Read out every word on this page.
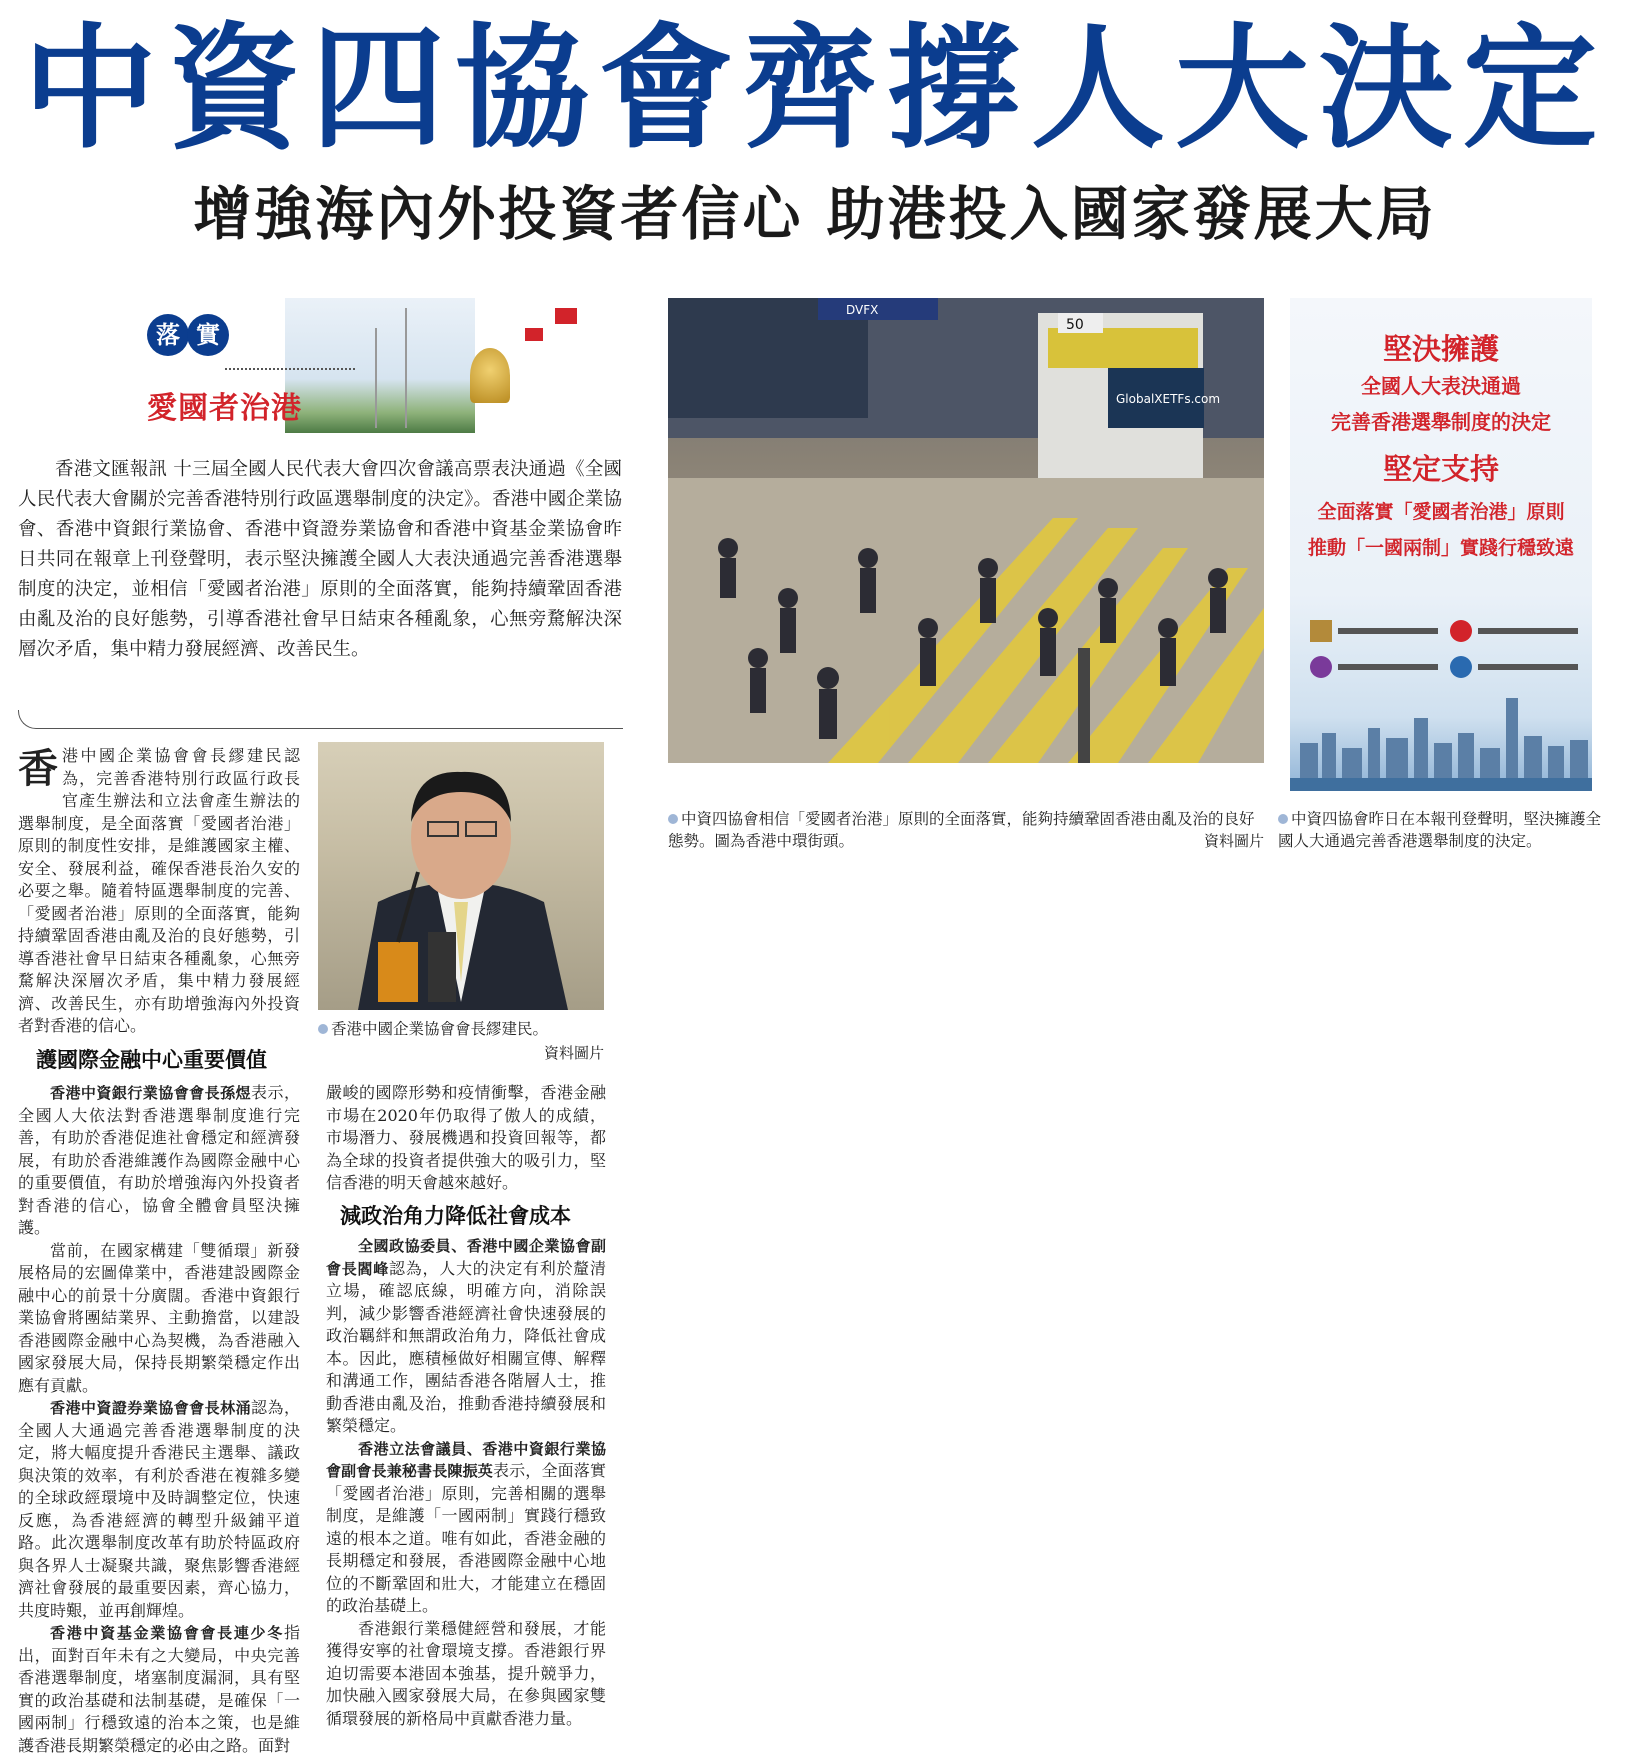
中資四協會齊撐人大決定
增強海內外投資者信心 助港投入國家發展大局
落 實
愛國者治港
香港文匯報訊 十三屆全國人民代表大會四次會議高票表決通過《全國人民代表大會關於完善香港特別行政區選舉制度的決定》。香港中國企業協會、香港中資銀行業協會、香港中資證券業協會和香港中資基金業協會昨日共同在報章上刊登聲明，表示堅決擁護全國人大表決通過完善香港選舉制度的決定，並相信「愛國者治港」原則的全面落實，能夠持續鞏固香港由亂及治的良好態勢，引導香港社會早日結束各種亂象，心無旁騖解決深層次矛盾，集中精力發展經濟、改善民生。
香 港中國企業協會會長繆建民認為，完善香港特別行政區行政長官產生辦法和立法會產生辦法的選舉制度，是全面落實「愛國者治港」原則的制度性安排，是維護國家主權、安全、發展利益，確保香港長治久安的必要之舉。隨着特區選舉制度的完善、「愛國者治港」原則的全面落實，能夠持續鞏固香港由亂及治的良好態勢，引導香港社會早日結束各種亂象，心無旁騖解決深層次矛盾，集中精力發展經濟、改善民生，亦有助增強海內外投資者對香港的信心。	香港中國企業協會會長繆建民。
資料圖片
護國際金融中心重要價值

香港中資銀行業協會會長孫煜表示，全國人大依法對香港選舉制度進行完善，有助於香港促進社會穩定和經濟發展，有助於香港維護作為國際金融中心的重要價值，有助於增強海內外投資者對香港的信心，協會全體會員堅決擁護。

當前，在國家構建「雙循環」新發展格局的宏圖偉業中，香港建設國際金融中心的前景十分廣闊。香港中資銀行業協會將團結業界、主動擔當，以建設香港國際金融中心為契機，為香港融入國家發展大局，保持長期繁榮穩定作出應有貢獻。

香港中資證券業協會會長林涌認為，全國人大通過完善香港選舉制度的決定，將大幅度提升香港民主選舉、議政與決策的效率，有利於香港在複雜多變的全球政經環境中及時調整定位，快速反應，為香港經濟的轉型升級鋪平道路。此次選舉制度改革有助於特區政府與各界人士凝聚共識，聚焦影響香港經濟社會發展的最重要因素，齊心協力，共度時艱，並再創輝煌。

香港中資基金業協會會長連少冬指出，面對百年未有之大變局，中央完善香港選舉制度，堵塞制度漏洞，具有堅實的政治基礎和法制基礎，是確保「一國兩制」行穩致遠的治本之策，也是維護香港長期繁榮穩定的必由之路。面對

嚴峻的國際形勢和疫情衝擊，香港金融市場在2020年仍取得了傲人的成績，市場潛力、發展機遇和投資回報等，都為全球的投資者提供強大的吸引力，堅信香港的明天會越來越好。

減政治角力降低社會成本

全國政協委員、香港中國企業協會副會長閻峰認為，人大的決定有利於釐清立場，確認底線，明確方向，消除誤判，減少影響香港經濟社會快速發展的政治羈絆和無謂政治角力，降低社會成本。因此，應積極做好相關宣傳、解釋和溝通工作，團結香港各階層人士，推動香港由亂及治，推動香港持續發展和繁榮穩定。

香港立法會議員、香港中資銀行業協會副會長兼秘書長陳振英表示，全面落實「愛國者治港」原則，完善相關的選舉制度，是維護「一國兩制」實踐行穩致遠的根本之道。唯有如此，香港金融的長期穩定和發展，香港國際金融中心地位的不斷鞏固和壯大，才能建立在穩固的政治基礎上。

香港銀行業穩健經營和發展，才能獲得安寧的社會環境支撐。香港銀行界迫切需要本港固本強基，提升競爭力，加快融入國家發展大局，在參與國家雙循環發展的新格局中貢獻香港力量。

DVFX
50
GlobalXETFs.com
中資四協會相信「愛國者治港」原則的全面落實，能夠持續鞏固香港由亂及治的良好態勢。圖為香港中環街頭。	資料圖片
堅決擁護
全國人大表決通過
完善香港選舉制度的決定
堅定支持
全面落實「愛國者治港」原則
推動「一國兩制」實踐行穩致遠
中資四協會昨日在本報刊登聲明，堅決擁護全國人大通過完善香港選舉制度的決定。
